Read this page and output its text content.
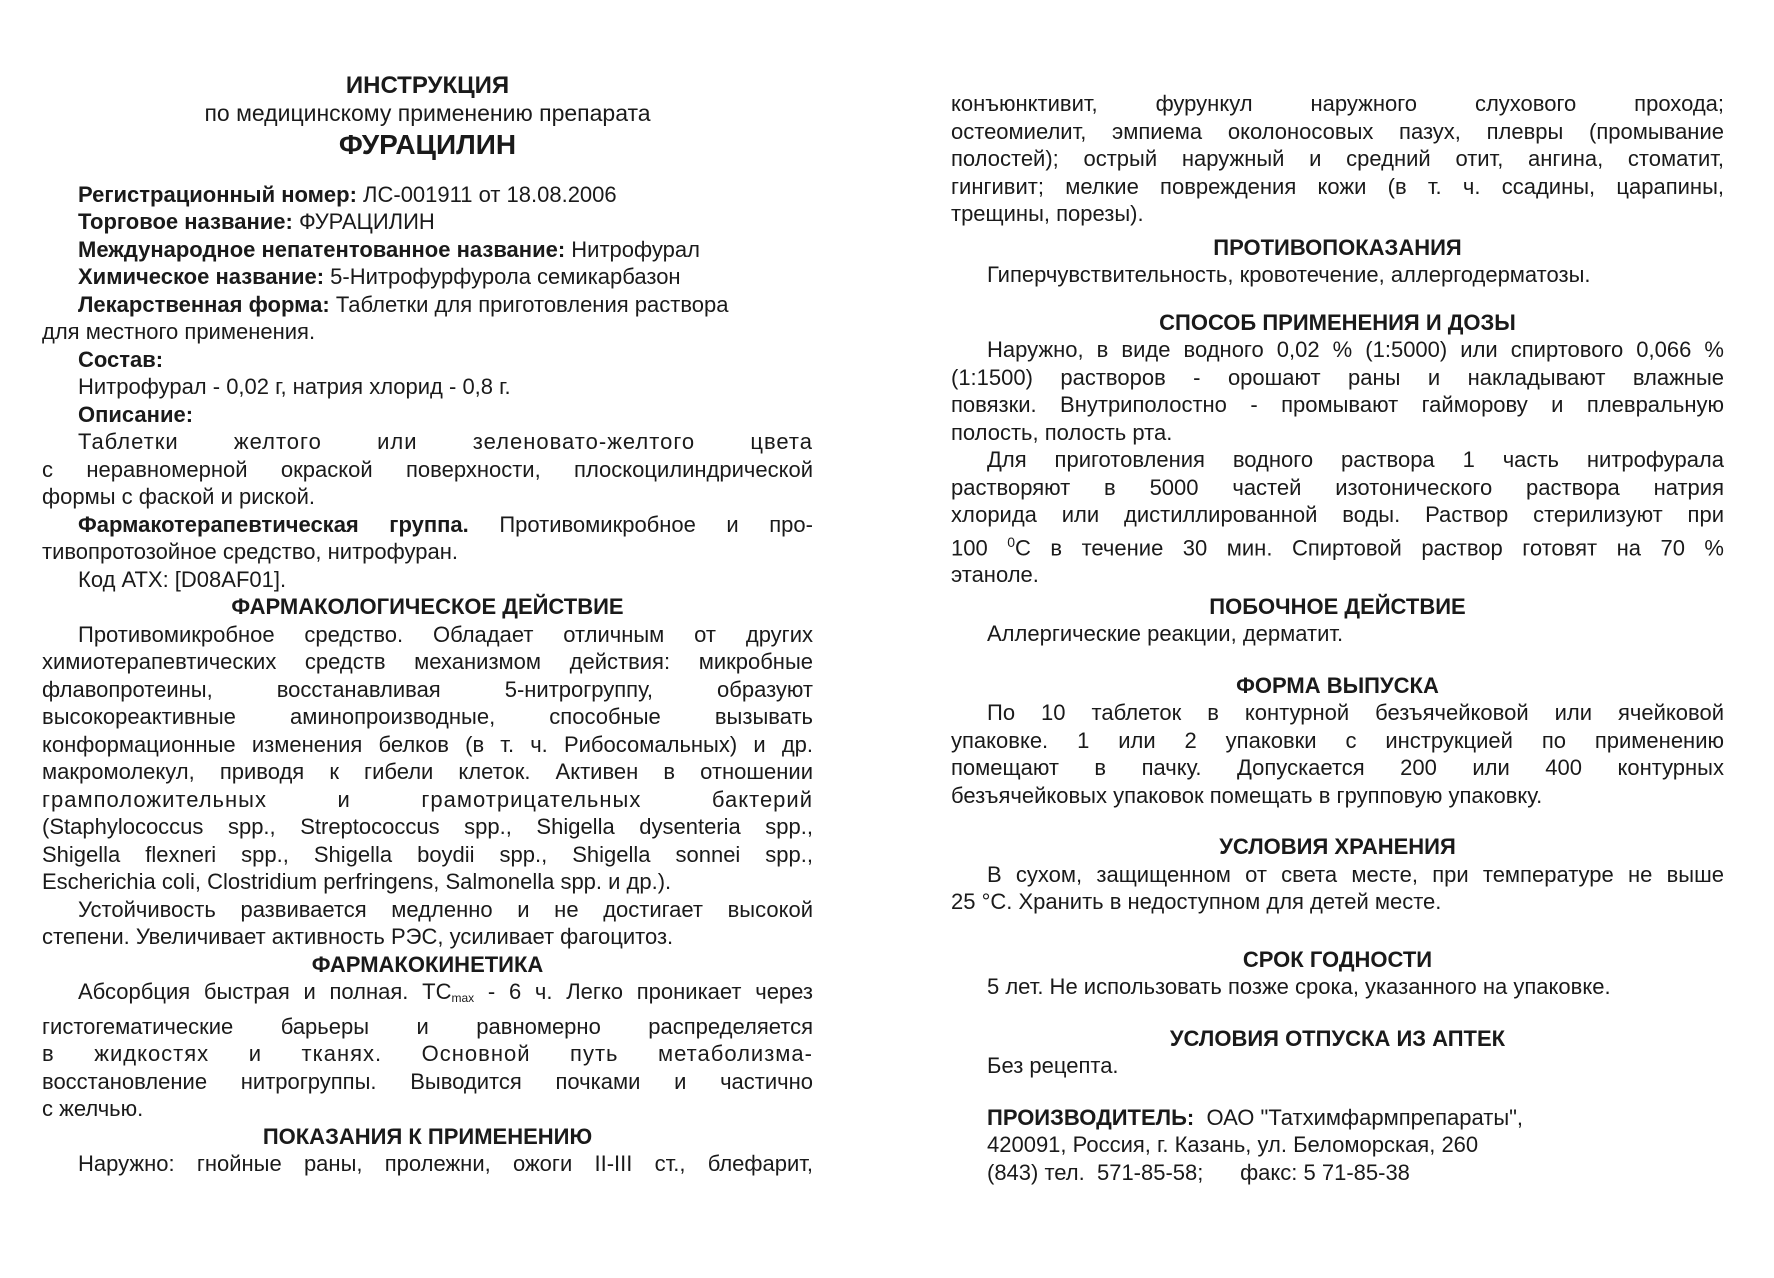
ИНСТРУКЦИЯ
по медицинскому применению препарата
ФУРАЦИЛИН
Регистрационный номер: ЛС-001911 от 18.08.2006
Торговое название: ФУРАЦИЛИН
Международное непатентованное название: Нитрофурал
Химическое название: 5-Нитрофурфурола семикарбазон
Лекарственная форма: Таблетки для приготовления раствора
для местного применения.
Состав:
Нитрофурал - 0,02 г, натрия хлорид - 0,8 г.
Описание:
Таблетки желтого или зеленовато-желтого цвета
с неравномерной окраской поверхности, плоскоцилиндрической
формы с фаской и риской.
Фармакотерапевтическая группа. Противомикробное и про-
тивопротозойное средство, нитрофуран.
Код АТХ: [D08AF01].
ФАРМАКОЛОГИЧЕСКОЕ ДЕЙСТВИЕ
Противомикробное средство. Обладает отличным от других
химиотерапевтических средств механизмом действия: микробные
флавопротеины, восстанавливая 5-нитрогруппу, образуют
высокореактивные аминопроизводные, способные вызывать
конформационные изменения белков (в т. ч. Рибосомальных) и др.
макромолекул, приводя к гибели клеток. Активен в отношении
грамположительных и грамотрицательных бактерий
(Staphylococcus spp., Streptococcus spp., Shigella dysenteria spp.,
Shigella flexneri spp., Shigella boydii spp., Shigella sonnei spp.,
Escherichia coli, Clostridium perfringens, Salmonella spp. и др.).
Устойчивость развивается медленно и не достигает высокой
степени. Увеличивает активность РЭС, усиливает фагоцитоз.
ФАРМАКОКИНЕТИКА
Абсорбция быстрая и полная. $ТС_{max} - 6$ ч. Легко проникает через
гистогематические барьеры и равномерно распределяется
в жидкостях и тканях. Основной путь метаболизма-
восстановление нитрогруппы. Выводится почками и частично
с желчью.
ПОКАЗАНИЯ К ПРИМЕНЕНИЮ
Наружно: гнойные раны, пролежни, ожоги II-III ст., блефарит,
конъюнктивит, фурункул наружного слухового прохода;
остеомиелит, эмпиема околоносовых пазух, плевры (промывание
полостей); острый наружный и средний отит, ангина, стоматит,
гингивит; мелкие повреждения кожи (в т. ч. ссадины, царапины,
трещины, порезы).
ПРОТИВОПОКАЗАНИЯ
Гиперчувствительность, кровотечение, аллергодерматозы.
СПОСОБ ПРИМЕНЕНИЯ И ДОЗЫ
Наружно, в виде водного 0,02 % (1:5000) или спиртового 0,066 %
(1:1500) растворов - орошают раны и накладывают влажные
повязки. Внутриполостно - промывают гайморову и плевральную
полость, полость рта.
Для приготовления водного раствора 1 часть нитрофурала
растворяют в 5000 частей изотонического раствора натрия
хлорида или дистиллированной воды. Раствор стерилизуют при
100 $^0$С в течение 30 мин. Спиртовой раствор готовят на 70 %
этаноле.
ПОБОЧНОЕ ДЕЙСТВИЕ
Аллергические реакции, дерматит.
ФОРМА ВЫПУСКА
По 10 таблеток в контурной безъячейковой или ячейковой
упаковке. 1 или 2 упаковки с инструкцией по применению
помещают в пачку. Допускается 200 или 400 контурных
безъячейковых упаковок помещать в групповую упаковку.
УСЛОВИЯ ХРАНЕНИЯ
В сухом, защищенном от света месте, при температуре не выше
25 °С. Хранить в недоступном для детей месте.
СРОК ГОДНОСТИ
5 лет. Не использовать позже срока, указанного на упаковке.
УСЛОВИЯ ОТПУСКА ИЗ АПТЕК
Без рецепта.
ПРОИЗВОДИТЕЛЬ:  ОАО "Татхимфармпрепараты",
420091, Россия, г. Казань, ул. Беломорская, 260
(843) тел.  571-85-58;      факс: 5 71-85-38
